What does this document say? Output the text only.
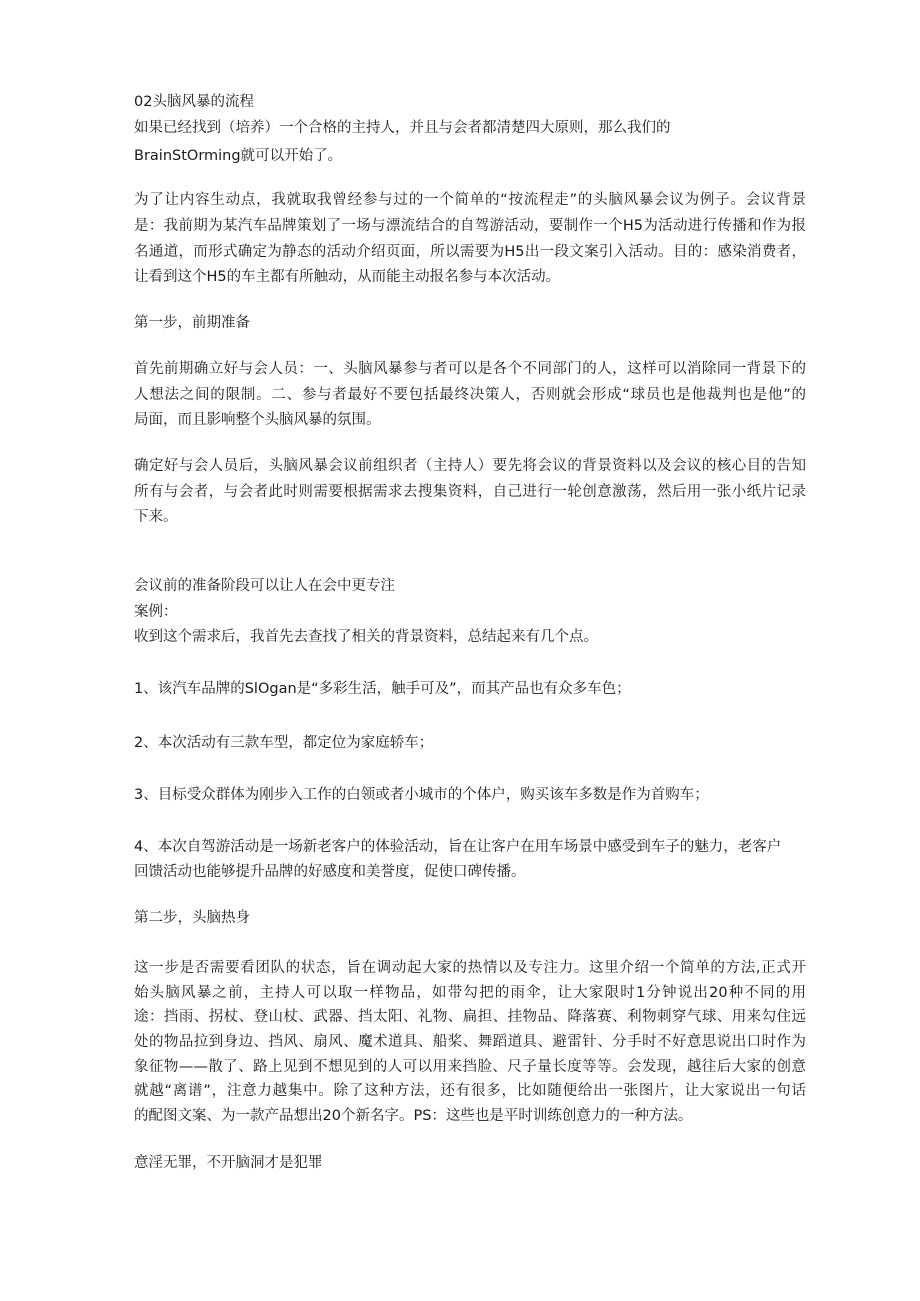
02头脑风暴的流程
如果已经找到（培养）一个合格的主持人，并且与会者都清楚四大原则，那么我们的
BrainStOrming就可以开始了。
为了让内容生动点，我就取我曾经参与过的一个简单的“按流程走”的头脑风暴会议为例子。会议背景
是：我前期为某汽车品牌策划了一场与漂流结合的自驾游活动，要制作一个H5为活动进行传播和作为报
名通道，而形式确定为静态的活动介绍页面，所以需要为H5出一段文案引入活动。目的：感染消费者，
让看到这个H5的车主都有所触动，从而能主动报名参与本次活动。
第一步，前期准备
首先前期确立好与会人员：一、头脑风暴参与者可以是各个不同部门的人，这样可以消除同一背景下的
人想法之间的限制。二、参与者最好不要包括最终决策人，否则就会形成“球员也是他裁判也是他”的
局面，而且影响整个头脑风暴的氛围。
确定好与会人员后，头脑风暴会议前组织者（主持人）要先将会议的背景资料以及会议的核心目的告知
所有与会者，与会者此时则需要根据需求去搜集资料，自己进行一轮创意激荡，然后用一张小纸片记录
下来。
会议前的准备阶段可以让人在会中更专注
案例：
收到这个需求后，我首先去查找了相关的背景资料，总结起来有几个点。
1、该汽车品牌的SlOgan是“多彩生活，触手可及”，而其产品也有众多车色；
2、本次活动有三款车型，都定位为家庭轿车；
3、目标受众群体为刚步入工作的白领或者小城市的个体户，购买该车多数是作为首购车；
4、本次自驾游活动是一场新老客户的体验活动，旨在让客户在用车场景中感受到车子的魅力，老客户
回馈活动也能够提升品牌的好感度和美誉度，促使口碑传播。
第二步，头脑热身
这一步是否需要看团队的状态，旨在调动起大家的热情以及专注力。这里介绍一个简单的方法,正式开
始头脑风暴之前，主持人可以取一样物品，如带勾把的雨伞，让大家限时1分钟说出20种不同的用
途：挡雨、拐杖、登山杖、武器、挡太阳、礼物、扁担、挂物品、降落赛、利物刺穿气球、用来勾住远
处的物品拉到身边、挡风、扇风、魔术道具、船桨、舞蹈道具、避雷针、分手时不好意思说出口时作为
象征物——散了、路上见到不想见到的人可以用来挡脸、尺子量长度等等。会发现，越往后大家的创意
就越“离谱”，注意力越集中。除了这种方法，还有很多，比如随便给出一张图片，让大家说出一句话
的配图文案、为一款产品想出20个新名字。PS：这些也是平时训练创意力的一种方法。
意淫无罪，不开脑洞才是犯罪
